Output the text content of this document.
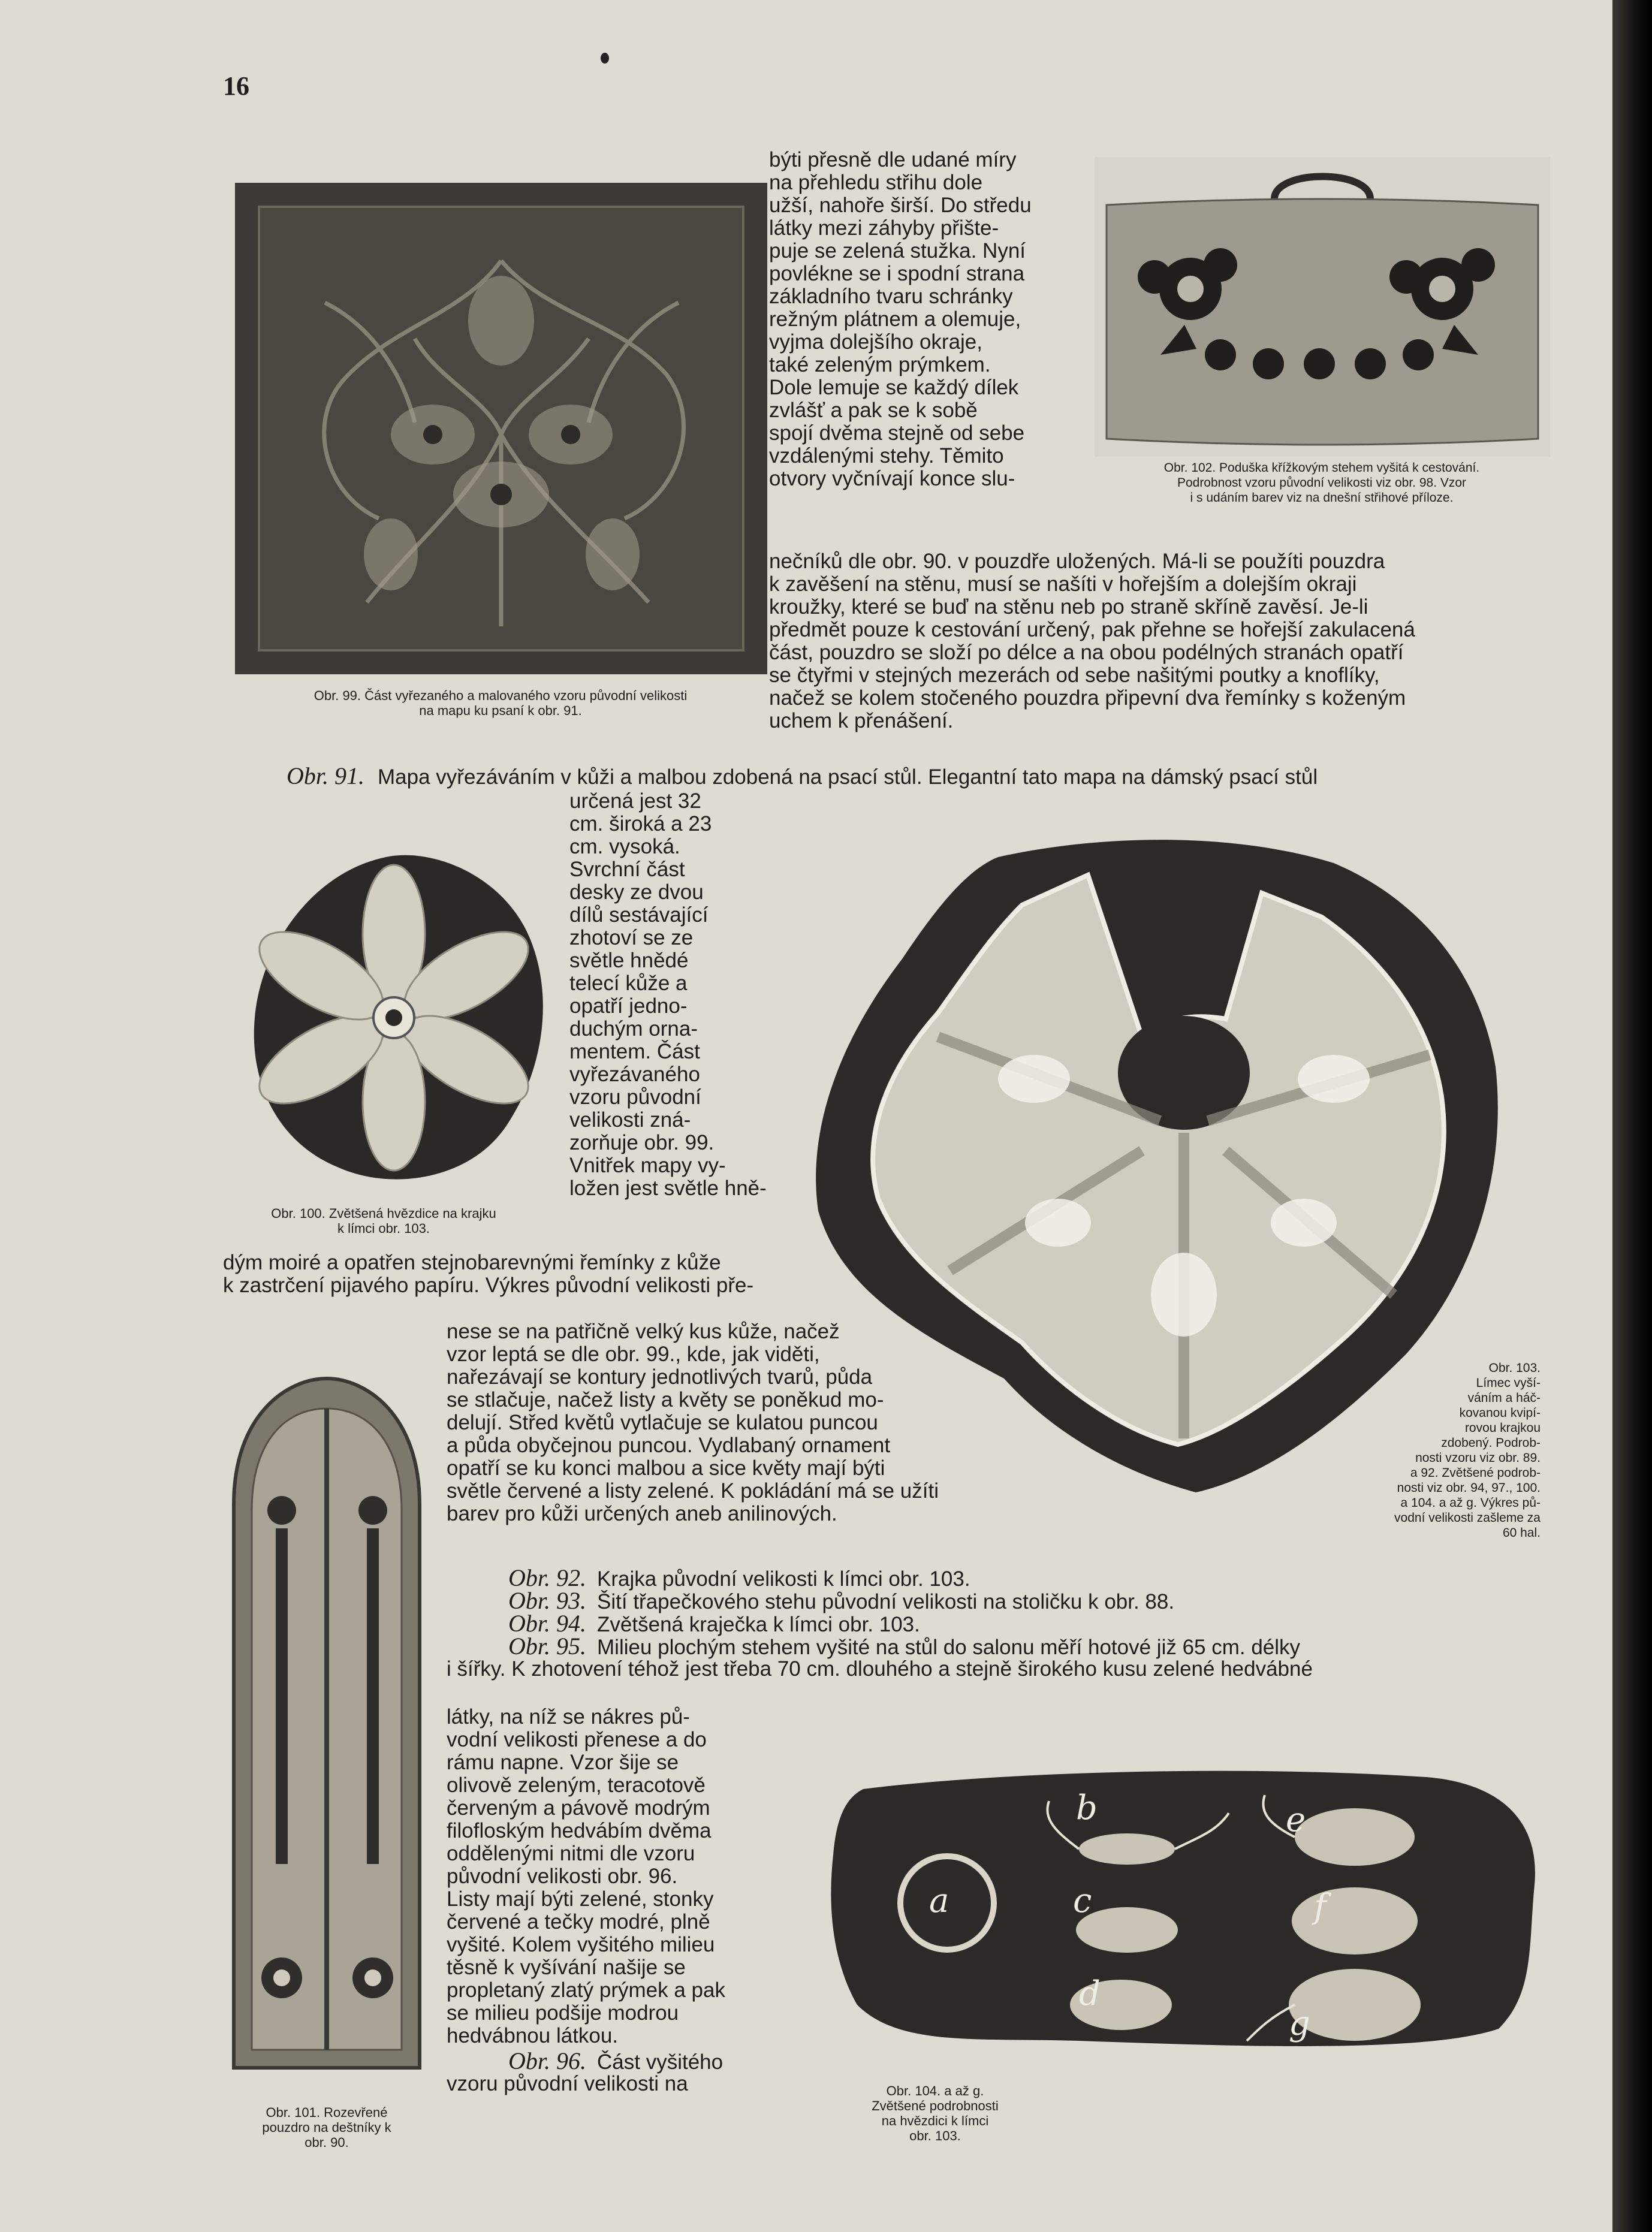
16
Obr. 99. Část vyřezaného a malovaného vzoru původní velikosti
na mapu ku psaní k obr. 91.
Obr. 102. Poduška křížkovým stehem vyšitá k cestování.
Podrobnost vzoru původní velikosti viz obr. 98. Vzor
i s udáním barev viz na dnešní střihové příloze.
býti přesně dle udané míry
na přehledu střihu dole
užší, nahoře širší. Do středu
látky mezi záhyby přište-
puje se zelená stužka. Nyní
povlékne se i spodní strana
základního tvaru schránky
režným plátnem a olemuje,
vyjma dolejšího okraje,
také zeleným prýmkem.
Dole lemuje se každý dílek
zvlášť a pak se k sobě
spojí dvěma stejně od sebe
vzdálenými stehy. Těmito
otvory vyčnívají konce slu-
nečníků dle obr. 90. v pouzdře uložených. Má-li se použíti pouzdra
k zavěšení na stěnu, musí se našíti v hořejším a dolejším okraji
kroužky, které se buď na stěnu neb po straně skříně zavěsí. Je-li
předmět pouze k cestování určený, pak přehne se hořejší zakulacená
část, pouzdro se složí po délce a na obou podélných stranách opatří
se čtyřmi v stejných mezerách od sebe našitými poutky a knoflíky,
načež se kolem stočeného pouzdra připevní dva řemínky s koženým
uchem k přenášení.
Obr. 91. Mapa vyřezáváním v kůži a malbou zdobená na psací stůl. Elegantní tato mapa na dámský psací stůl
Obr. 100. Zvětšená hvězdice na krajku
k límci obr. 103.
určená jest 32
cm. široká a 23
cm. vysoká.
Svrchní část
desky ze dvou
dílů sestávající
zhotoví se ze
světle hnědé
telecí kůže a
opatří jedno-
duchým orna-
mentem. Část
vyřezávaného
vzoru původní
velikosti zná-
zorňuje obr. 99.
Vnitřek mapy vy-
ložen jest světle hně-
Obr. 103.
Límec vyší-
váním a háč-
kovanou kvipí-
rovou krajkou
zdobený. Podrob-
nosti vzoru viz obr. 89.
a 92. Zvětšené podrob-
nosti viz obr. 94, 97., 100.
a 104. a až g. Výkres pů-
vodní velikosti zašleme za
60 hal.
dým moiré a opatřen stejnobarevnými řemínky z kůže
k zastrčení pijavého papíru. Výkres původní velikosti pře-
Obr. 101. Rozevřené
pouzdro na deštníky k
obr. 90.
nese se na patřičně velký kus kůže, načež
vzor leptá se dle obr. 99., kde, jak viděti,
nařezávají se kontury jednotlivých tvarů, půda
se stlačuje, načež listy a květy se poněkud mo-
delují. Střed květů vytlačuje se kulatou puncou
a půda obyčejnou puncou. Vydlabaný ornament
opatří se ku konci malbou a sice květy mají býti
světle červené a listy zelené. K pokládání má se užíti
barev pro kůži určených aneb anilinových.
Obr. 92. Krajka původní velikosti k límci obr. 103.
Obr. 93. Šití třapečkového stehu původní velikosti na stoličku k obr. 88.
Obr. 94. Zvětšená kraječka k límci obr. 103.
Obr. 95. Milieu plochým stehem vyšité na stůl do salonu měří hotové již 65 cm. délky
i šířky. K zhotovení téhož jest třeba 70 cm. dlouhého a stejně širokého kusu zelené hedvábné
látky, na níž se nákres pů-
vodní velikosti přenese a do
rámu napne. Vzor šije se
olivově zeleným, teracotově
červeným a pávově modrým
filofloským hedvábím dvěma
oddělenými nitmi dle vzoru
původní velikosti obr. 96.
Listy mají býti zelené, stonky
červené a tečky modré, plně
vyšité. Kolem vyšitého milieu
těsně k vyšívání našije se
propletaný zlatý prýmek a pak
se milieu podšije modrou
hedvábnou látkou.
Obr. 96. Část vyšitého
vzoru původní velikosti na
a
b
c
d
e
f
g
Obr. 104. a až g.
Zvětšené podrobnosti
na hvězdici k límci
obr. 103.
